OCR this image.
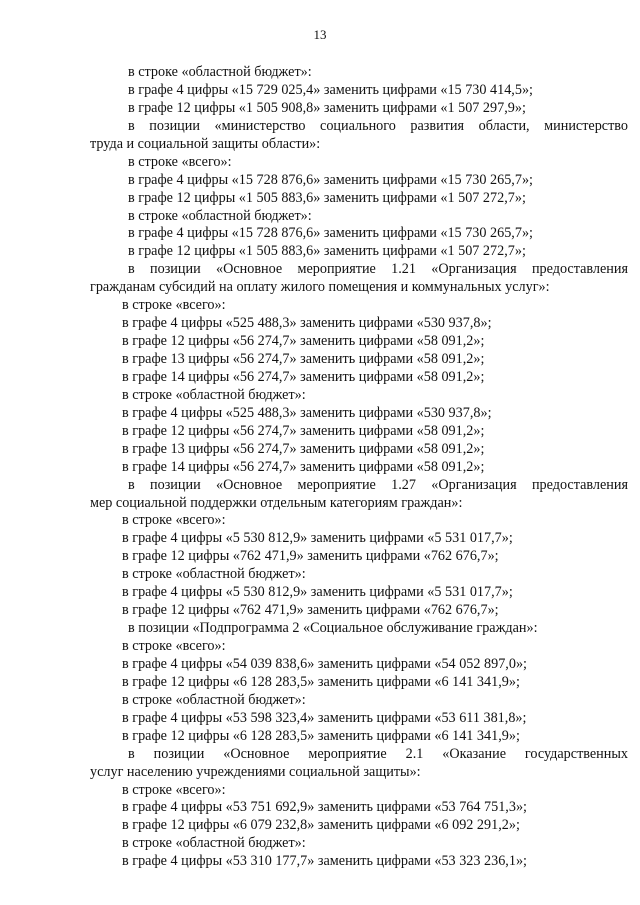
13
в строке «областной бюджет»:
в графе 4 цифры «15 729 025,4» заменить цифрами «15 730 414,5»;
в графе 12 цифры «1 505 908,8» заменить цифрами «1 507 297,9»;
в позиции «министерство социального развития области, министерство
труда и социальной защиты области»:
в строке «всего»:
в графе 4 цифры «15 728 876,6» заменить цифрами «15 730 265,7»;
в графе 12 цифры «1 505 883,6» заменить цифрами «1 507 272,7»;
в строке «областной бюджет»:
в графе 4 цифры «15 728 876,6» заменить цифрами «15 730 265,7»;
в графе 12 цифры «1 505 883,6» заменить цифрами «1 507 272,7»;
в позиции «Основное мероприятие 1.21 «Организация предоставления
гражданам субсидий на оплату жилого помещения и коммунальных услуг»:
в строке «всего»:
в графе 4 цифры «525 488,3» заменить цифрами «530 937,8»;
в графе 12 цифры «56 274,7» заменить цифрами «58 091,2»;
в графе 13 цифры «56 274,7» заменить цифрами «58 091,2»;
в графе 14 цифры «56 274,7» заменить цифрами «58 091,2»;
в строке «областной бюджет»:
в графе 4 цифры «525 488,3» заменить цифрами «530 937,8»;
в графе 12 цифры «56 274,7» заменить цифрами «58 091,2»;
в графе 13 цифры «56 274,7» заменить цифрами «58 091,2»;
в графе 14 цифры «56 274,7» заменить цифрами «58 091,2»;
в позиции «Основное мероприятие 1.27 «Организация предоставления
мер социальной поддержки отдельным категориям граждан»:
в строке «всего»:
в графе 4 цифры «5 530 812,9» заменить цифрами «5 531 017,7»;
в графе 12 цифры «762 471,9» заменить цифрами «762 676,7»;
в строке «областной бюджет»:
в графе 4 цифры «5 530 812,9» заменить цифрами «5 531 017,7»;
в графе 12 цифры «762 471,9» заменить цифрами «762 676,7»;
в позиции «Подпрограмма 2 «Социальное обслуживание граждан»:
в строке «всего»:
в графе 4 цифры «54 039 838,6» заменить цифрами «54 052 897,0»;
в графе 12 цифры «6 128 283,5» заменить цифрами «6 141 341,9»;
в строке «областной бюджет»:
в графе 4 цифры «53 598 323,4» заменить цифрами «53 611 381,8»;
в графе 12 цифры «6 128 283,5» заменить цифрами «6 141 341,9»;
в позиции «Основное мероприятие 2.1 «Оказание государственных
услуг населению учреждениями социальной защиты»:
в строке «всего»:
в графе 4 цифры «53 751 692,9» заменить цифрами «53 764 751,3»;
в графе 12 цифры «6 079 232,8» заменить цифрами «6 092 291,2»;
в строке «областной бюджет»:
в графе 4 цифры «53 310 177,7» заменить цифрами «53 323 236,1»;
